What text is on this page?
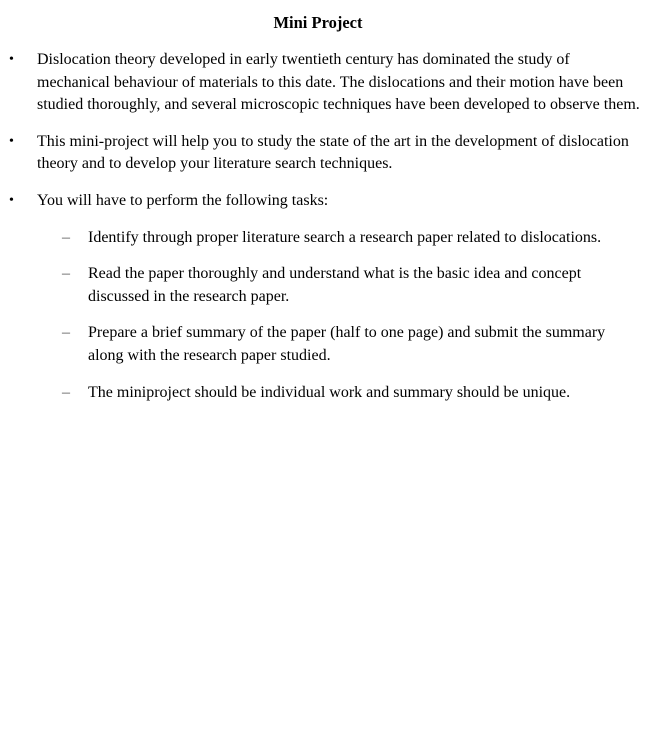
Mini Project
• Dislocation theory developed in early twentieth century has dominated the study of mechanical behaviour of materials to this date. The dislocations and their motion have been studied thoroughly, and several microscopic techniques have been developed to observe them.
• This mini-project will help you to study the state of the art in the development of dislocation theory and to develop your literature search techniques.
• You will have to perform the following tasks:
– Identify through proper literature search a research paper related to dislocations.
– Read the paper thoroughly and understand what is the basic idea and concept discussed in the research paper.
– Prepare a brief summary of the paper (half to one page) and submit the summary along with the research paper studied.
– The miniproject should be individual work and summary should be unique.
